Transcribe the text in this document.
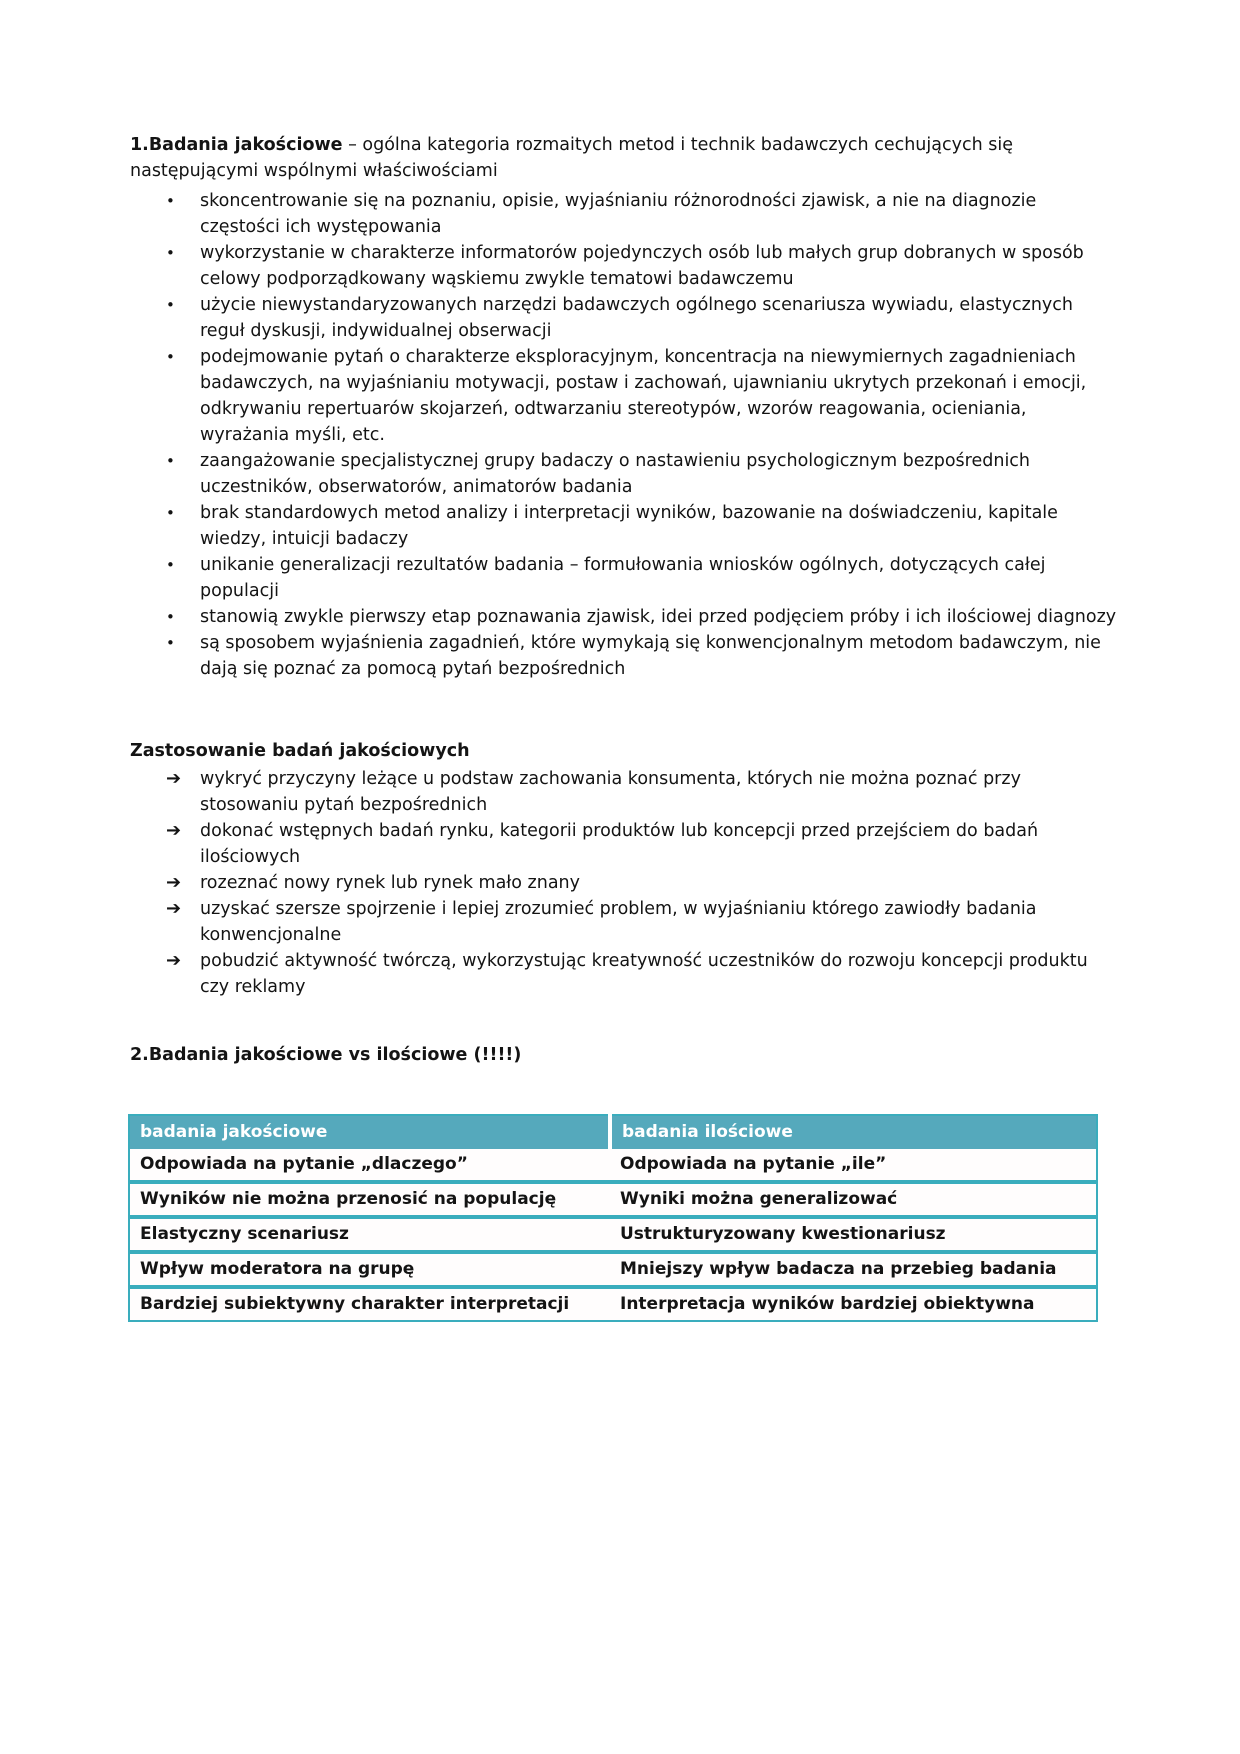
1.Badania jakościowe – ogólna kategoria rozmaitych metod i technik badawczych cechujących się następującymi wspólnymi właściwościami

•	skoncentrowanie się na poznaniu, opisie, wyjaśnianiu różnorodności zjawisk, a nie na diagnozie częstości ich występowania
•	wykorzystanie w charakterze informatorów pojedynczych osób lub małych grup dobranych w sposób celowy podporządkowany wąskiemu zwykle tematowi badawczemu
•	użycie niewystandaryzowanych narzędzi badawczych ogólnego scenariusza wywiadu, elastycznych reguł dyskusji, indywidualnej obserwacji
•	podejmowanie pytań o charakterze eksploracyjnym, koncentracja na niewymiernych zagadnieniach badawczych, na wyjaśnianiu motywacji, postaw i zachowań, ujawnianiu ukrytych przekonań i emocji, odkrywaniu repertuarów skojarzeń, odtwarzaniu stereotypów, wzorów reagowania, ocieniania, wyrażania myśli, etc.
•	zaangażowanie specjalistycznej grupy badaczy o nastawieniu psychologicznym bezpośrednich uczestników, obserwatorów, animatorów badania
•	brak standardowych metod analizy i interpretacji wyników, bazowanie na doświadczeniu, kapitale wiedzy, intuicji badaczy
•	unikanie generalizacji rezultatów badania – formułowania wniosków ogólnych, dotyczących całej populacji
•	stanowią zwykle pierwszy etap poznawania zjawisk, idei przed podjęciem próby i ich ilościowej diagnozy
•	są sposobem wyjaśnienia zagadnień, które wymykają się konwencjonalnym metodom badawczym, nie dają się poznać za pomocą pytań bezpośrednich
Zastosowanie badań jakościowych
➔	wykryć przyczyny leżące u podstaw zachowania konsumenta, których nie można poznać przy stosowaniu pytań bezpośrednich
➔	dokonać wstępnych badań rynku, kategorii produktów lub koncepcji przed przejściem do badań ilościowych
➔	rozeznać nowy rynek lub rynek mało znany
➔	uzyskać szersze spojrzenie i lepiej zrozumieć problem, w wyjaśnianiu którego zawiodły badania konwencjonalne
➔	pobudzić aktywność twórczą, wykorzystując kreatywność uczestników do rozwoju koncepcji produktu czy reklamy
2.Badania jakościowe vs ilościowe (!!!!)
badania jakościowe	badania ilościowe
Odpowiada na pytanie „dlaczego”	Odpowiada na pytanie „ile”
Wyników nie można przenosić na populację	Wyniki można generalizować
Elastyczny scenariusz	Ustrukturyzowany kwestionariusz
Wpływ moderatora na grupę	Mniejszy wpływ badacza na przebieg badania
Bardziej subiektywny charakter interpretacji	Interpretacja wyników bardziej obiektywna
